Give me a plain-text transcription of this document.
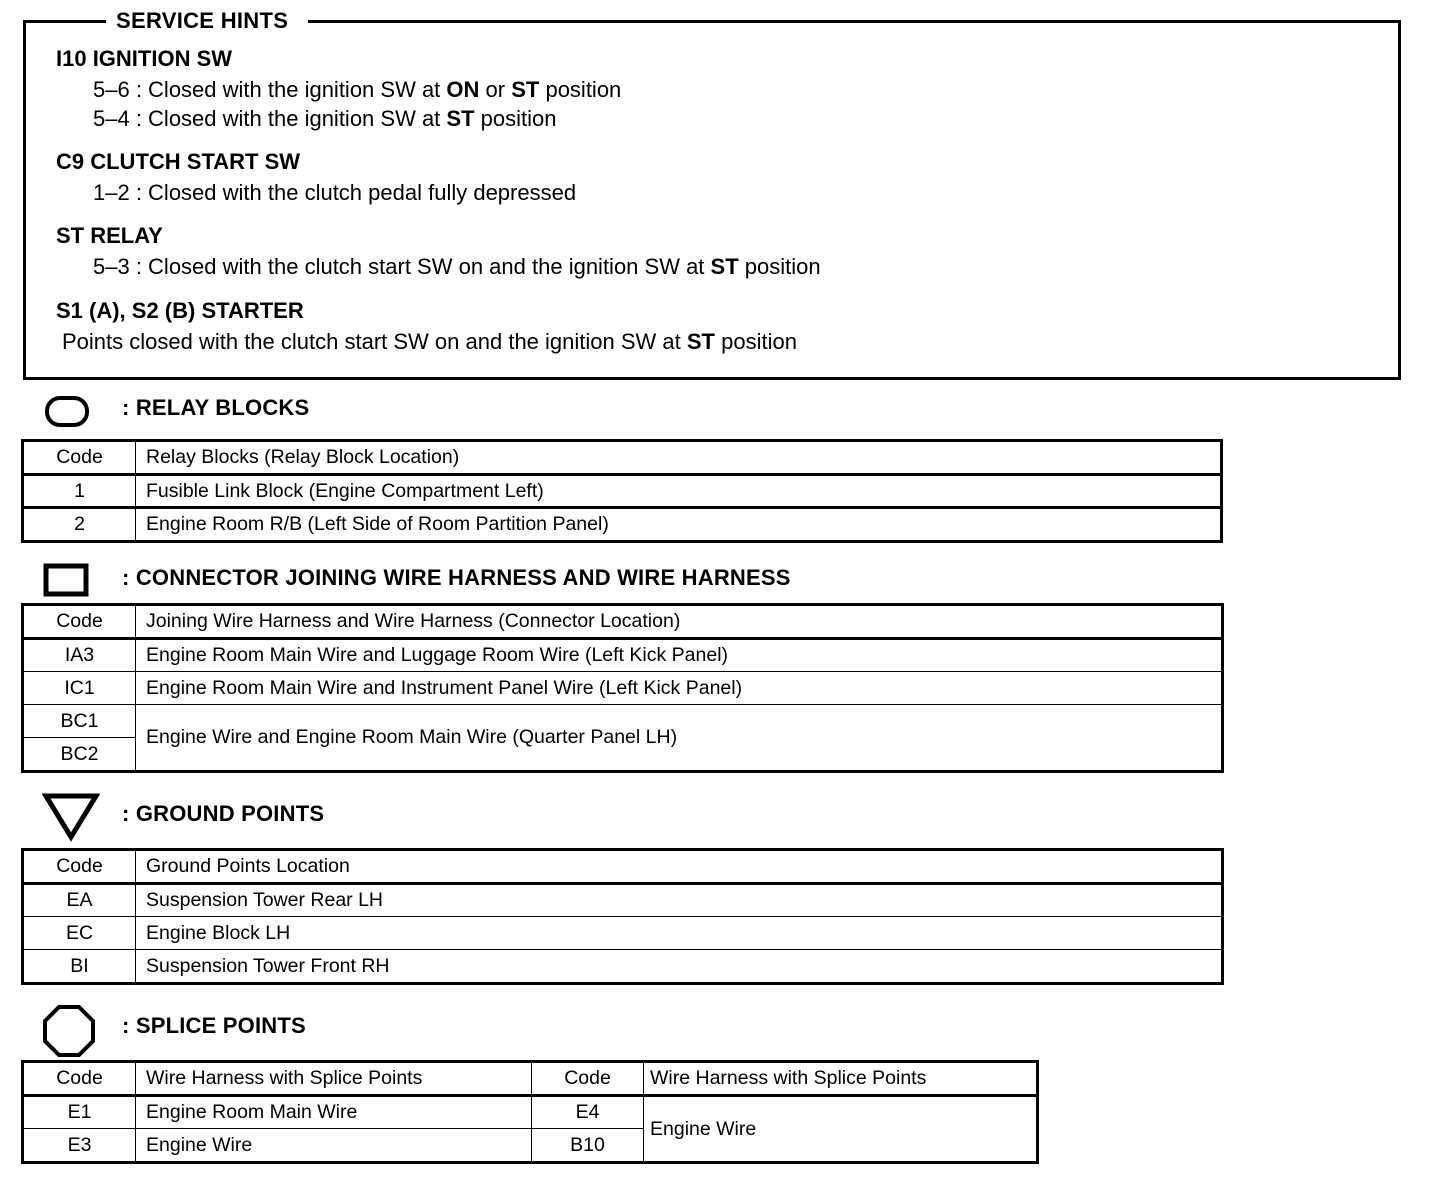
SERVICE HINTS
I10 IGNITION SW
5–6 : Closed with the ignition SW at ON or ST position
5–4 : Closed with the ignition SW at ST position
C9 CLUTCH START SW
1–2 : Closed with the clutch pedal fully depressed
ST RELAY
5–3 : Closed with the clutch start SW on and the ignition SW at ST position
S1 (A), S2 (B) STARTER
Points closed with the clutch start SW on and the ignition SW at ST position
: RELAY BLOCKS
Code	Relay Blocks (Relay Block Location)
1	Fusible Link Block (Engine Compartment Left)
2	Engine Room R/B (Left Side of Room Partition Panel)
: CONNECTOR JOINING WIRE HARNESS AND WIRE HARNESS
Code	Joining Wire Harness and Wire Harness (Connector Location)
IA3	Engine Room Main Wire and Luggage Room Wire (Left Kick Panel)
IC1	Engine Room Main Wire and Instrument Panel Wire (Left Kick Panel)
BC1	Engine Wire and Engine Room Main Wire (Quarter Panel LH)
BC2	
: GROUND POINTS
Code	Ground Points Location
EA	Suspension Tower Rear LH
EC	Engine Block LH
BI	Suspension Tower Front RH
: SPLICE POINTS
Code	Wire Harness with Splice Points	Code	Wire Harness with Splice Points
E1	Engine Room Main Wire	E4	Engine Wire
E3	Engine Wire	B10	
